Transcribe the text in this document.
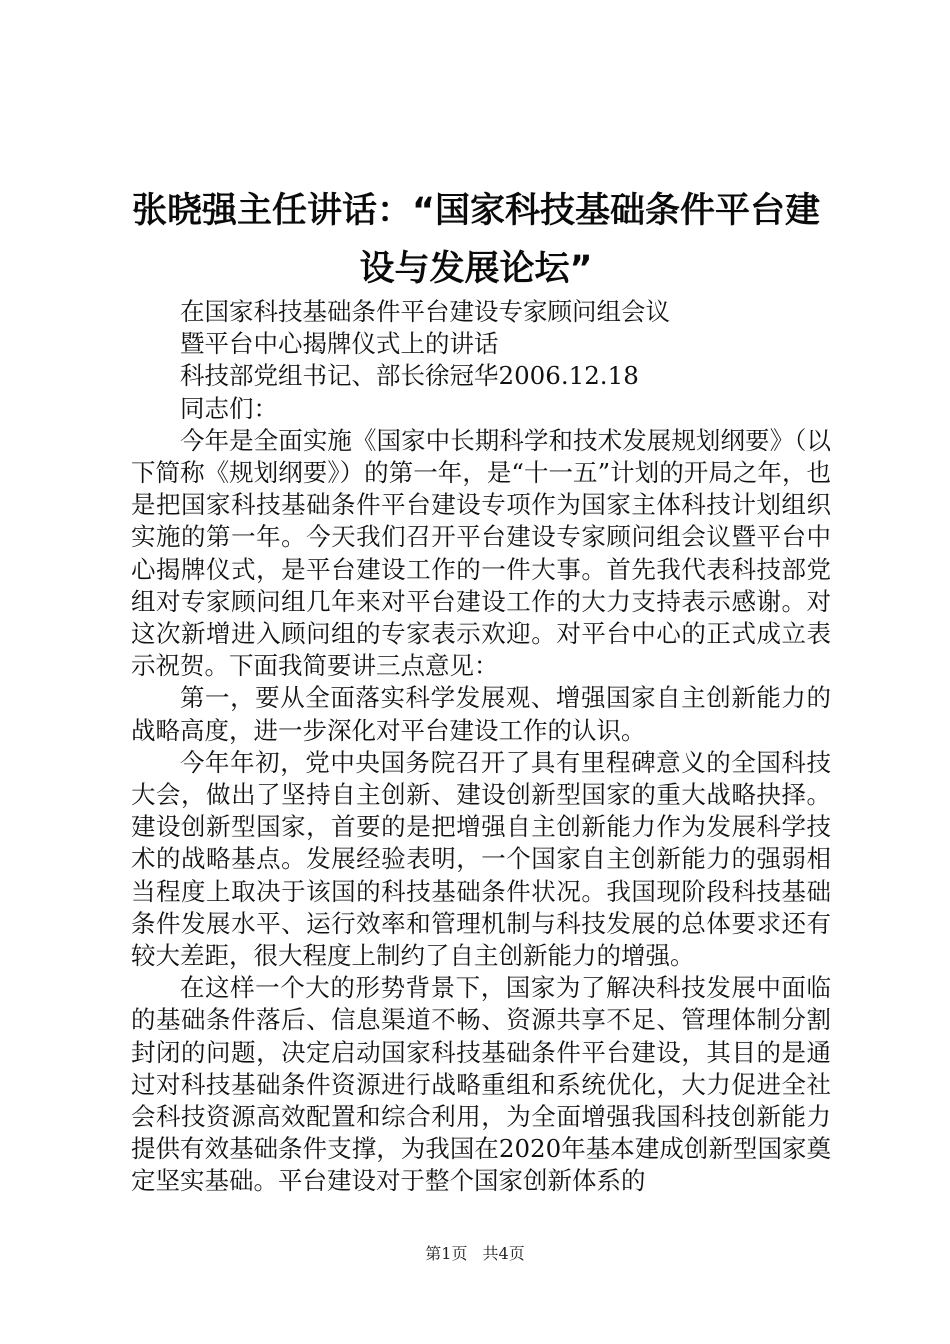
张晓强主任讲话：“国家科技基础条件平台建设与发展论坛”

在国家科技基础条件平台建设专家顾问组会议

暨平台中心揭牌仪式上的讲话

科技部党组书记、部长徐冠华2006.12.18

同志们：

今年是全面实施《国家中长期科学和技术发展规划纲要》（以下简称《规划纲要》）的第一年，是“十一五”计划的开局之年，也是把国家科技基础条件平台建设专项作为国家主体科技计划组织实施的第一年。今天我们召开平台建设专家顾问组会议暨平台中心揭牌仪式，是平台建设工作的一件大事。首先我代表科技部党组对专家顾问组几年来对平台建设工作的大力支持表示感谢。对这次新增进入顾问组的专家表示欢迎。对平台中心的正式成立表示祝贺。下面我简要讲三点意见：

第一，要从全面落实科学发展观、增强国家自主创新能力的战略高度，进一步深化对平台建设工作的认识。

今年年初，党中央国务院召开了具有里程碑意义的全国科技大会，做出了坚持自主创新、建设创新型国家的重大战略抉择。建设创新型国家，首要的是把增强自主创新能力作为发展科学技术的战略基点。发展经验表明，一个国家自主创新能力的强弱相当程度上取决于该国的科技基础条件状况。我国现阶段科技基础条件发展水平、运行效率和管理机制与科技发展的总体要求还有较大差距，很大程度上制约了自主创新能力的增强。

在这样一个大的形势背景下，国家为了解决科技发展中面临的基础条件落后、信息渠道不畅、资源共享不足、管理体制分割封闭的问题，决定启动国家科技基础条件平台建设，其目的是通过对科技基础条件资源进行战略重组和系统优化，大力促进全社会科技资源高效配置和综合利用，为全面增强我国科技创新能力提供有效基础条件支撑，为我国在2020年基本建成创新型国家奠定坚实基础。平台建设对于整个国家创新体系的

第1页 共4页
